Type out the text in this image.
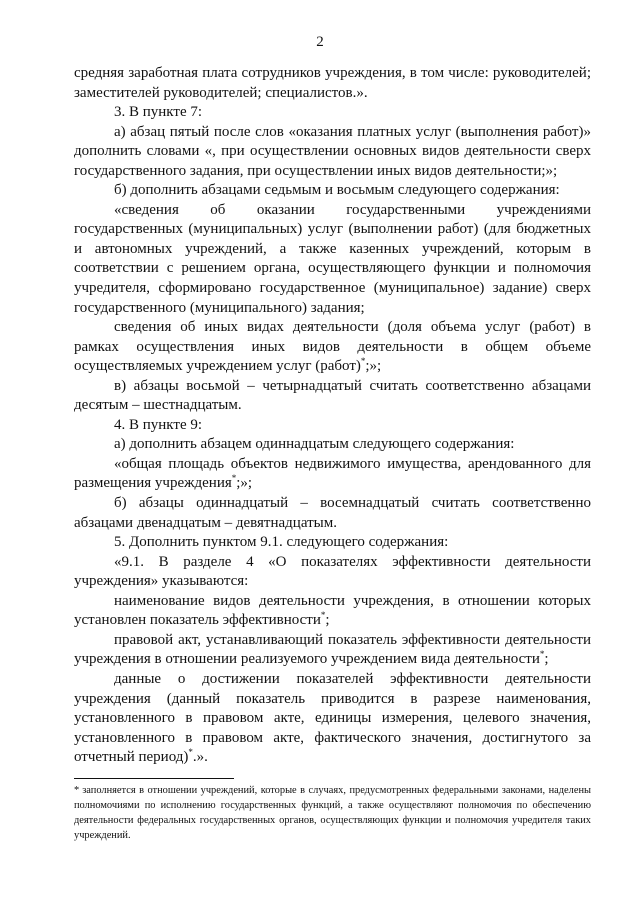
2

средняя заработная плата сотрудников учреждения, в том числе: руководителей; заместителей руководителей; специалистов.».

3. В пункте 7:

а) абзац пятый после слов «оказания платных услуг (выполнения работ)» дополнить словами «, при осуществлении основных видов деятельности сверх государственного задания, при осуществлении иных видов деятельности;»;

б) дополнить абзацами седьмым и восьмым следующего содержания:

«сведения об оказании государственными учреждениями государственных (муниципальных) услуг (выполнении работ) (для бюджетных и автономных учреждений, а также казенных учреждений, которым в соответствии с решением органа, осуществляющего функции и полномочия учредителя, сформировано государственное (муниципальное) задание) сверх государственного (муниципального) задания;

сведения об иных видах деятельности (доля объема услуг (работ) в рамках осуществления иных видов деятельности в общем объеме осуществляемых учреждением услуг (работ)*;»;

в) абзацы восьмой – четырнадцатый считать соответственно абзацами десятым – шестнадцатым.

4. В пункте 9:

а) дополнить абзацем одиннадцатым следующего содержания:

«общая площадь объектов недвижимого имущества, арендованного для размещения учреждения*;»;

б) абзацы одиннадцатый – восемнадцатый считать соответственно абзацами двенадцатым – девятнадцатым.

5. Дополнить пунктом 9.1. следующего содержания:

«9.1. В разделе 4 «О показателях эффективности деятельности учреждения» указываются:

наименование видов деятельности учреждения, в отношении которых установлен показатель эффективности*;

правовой акт, устанавливающий показатель эффективности деятельности учреждения в отношении реализуемого учреждением вида деятельности*;

данные о достижении показателей эффективности деятельности учреждения (данный показатель приводится в разрезе наименования, установленного в правовом акте, единицы измерения, целевого значения, установленного в правовом акте, фактического значения, достигнутого за отчетный период)*.».

* заполняется в отношении учреждений, которые в случаях, предусмотренных федеральными законами, наделены полномочиями по исполнению государственных функций, а также осуществляют полномочия по обеспечению деятельности федеральных государственных органов, осуществляющих функции и полномочия учредителя таких учреждений.
